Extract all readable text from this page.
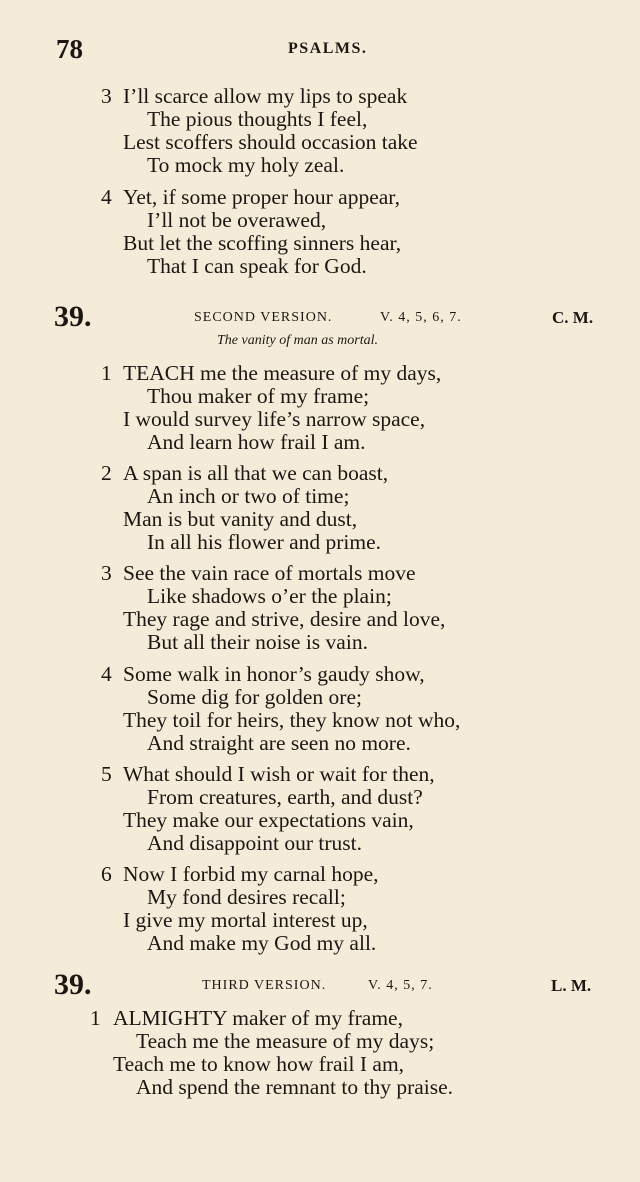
78	PSALMS.
3 I’ll scarce allow my lips to speak
The pious thoughts I feel,
Lest scoffers should occasion take
To mock my holy zeal.
4 Yet, if some proper hour appear,
I’ll not be overawed,
But let the scoffing sinners hear,
That I can speak for God.
39.	SECOND VERSION.	V. 4, 5, 6, 7.	C. M.
The vanity of man as mortal.
1 TEACH me the measure of my days,
Thou maker of my frame;
I would survey life’s narrow space,
And learn how frail I am.
2 A span is all that we can boast,
An inch or two of time;
Man is but vanity and dust,
In all his flower and prime.
3 See the vain race of mortals move
Like shadows o’er the plain;
They rage and strive, desire and love,
But all their noise is vain.
4 Some walk in honor’s gaudy show,
Some dig for golden ore;
They toil for heirs, they know not who,
And straight are seen no more.
5 What should I wish or wait for then,
From creatures, earth, and dust?
They make our expectations vain,
And disappoint our trust.
6 Now I forbid my carnal hope,
My fond desires recall;
I give my mortal interest up,
And make my God my all.
39.	THIRD VERSION.	V. 4, 5, 7.	L. M.
1 ALMIGHTY maker of my frame,
Teach me the measure of my days;
Teach me to know how frail I am,
And spend the remnant to thy praise.
